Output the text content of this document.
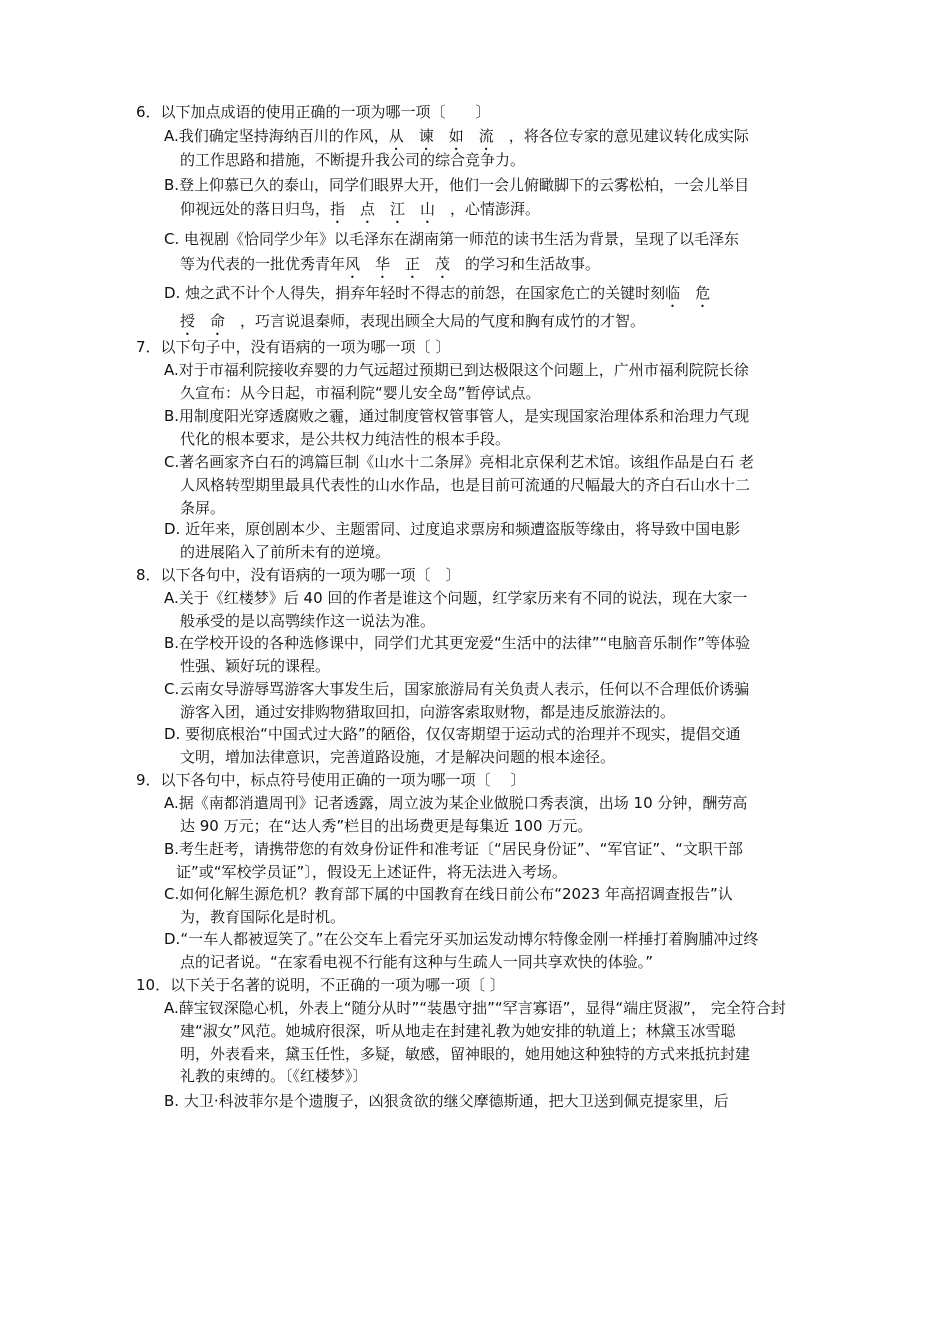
6．以下加点成语的使用正确的一项为哪一项〔　　〕
A.我们确定坚持海纳百川的作风，从　谏　如　流　，将各位专家的意见建议转化成实际
的工作思路和措施，不断提升我公司的综合竞争力。
B.登上仰慕已久的泰山，同学们眼界大开，他们一会儿俯瞰脚下的云雾松柏，一会儿举目
仰视远处的落日归鸟，指　点　江　山　，心情澎湃。
C. 电视剧《恰同学少年》以毛泽东在湖南第一师范的读书生活为背景，呈现了以毛泽东
等为代表的一批优秀青年风　华　正　茂　的学习和生活故事。
D. 烛之武不计个人得失，捐弃年轻时不得志的前怨，在国家危亡的关键时刻临　危
授　命　，巧言说退秦师，表现出顾全大局的气度和胸有成竹的才智。
7．以下句子中，没有语病的一项为哪一项〔 〕
A.对于市福利院接收弃婴的力气远超过预期已到达极限这个问题上，广州市福利院院长徐
久宣布：从今日起，市福利院“婴儿安全岛”暂停试点。
B.用制度阳光穿透腐败之霾，通过制度管权管事管人，是实现国家治理体系和治理力气现
代化的根本要求，是公共权力纯洁性的根本手段。
C.著名画家齐白石的鸿篇巨制《山水十二条屏》亮相北京保利艺术馆。该组作品是白石 老
人风格转型期里最具代表性的山水作品，也是目前可流通的尺幅最大的齐白石山水十二
条屏。
D. 近年来，原创剧本少、主题雷同、过度追求票房和频遭盗版等缘由，将导致中国电影
的进展陷入了前所未有的逆境。
8．以下各句中，没有语病的一项为哪一项〔　〕
A.关于《红楼梦》后 40 回的作者是谁这个问题，红学家历来有不同的说法，现在大家一
般承受的是以高鹗续作这一说法为准。
B.在学校开设的各种选修课中，同学们尤其更宠爱“生活中的法律”“电脑音乐制作”等体验
性强、颖好玩的课程。
C.云南女导游辱骂游客大事发生后，国家旅游局有关负责人表示，任何以不合理低价诱骗
游客入团，通过安排购物猎取回扣，向游客索取财物，都是违反旅游法的。
D. 要彻底根治“中国式过大路”的陋俗，仅仅寄期望于运动式的治理并不现实，提倡交通
文明，增加法律意识，完善道路设施，才是解决问题的根本途径。
9．以下各句中，标点符号使用正确的一项为哪一项〔　 〕
A.据《南都消遣周刊》记者透露，周立波为某企业做脱口秀表演，出场 10 分钟，酬劳高
达 90 万元；在“达人秀”栏目的出场费更是每集近 100 万元。
B.考生赶考，请携带您的有效身份证件和准考证〔“居民身份证”、“军官证”、“文职干部
证”或“军校学员证”〕，假设无上述证件，将无法进入考场。
C.如何化解生源危机？教育部下属的中国教育在线日前公布“2023 年高招调查报告”认
为，教育国际化是时机。
D.“一车人都被逗笑了。”在公交车上看完牙买加运发动博尔特像金刚一样捶打着胸脯冲过终
点的记者说。“在家看电视不行能有这种与生疏人一同共享欢快的体验。”
10．以下关于名著的说明，不正确的一项为哪一项〔 〕
A.薛宝钗深隐心机，外表上“随分从时”“装愚守拙”“罕言寡语”，显得“端庄贤淑”， 完全符合封
建“淑女”风范。她城府很深，听从地走在封建礼教为她安排的轨道上；林黛玉冰雪聪
明，外表看来，黛玉任性，多疑，敏感，留神眼的，她用她这种独特的方式来抵抗封建
礼教的束缚的。〔《红楼梦》〕
B. 大卫·科波菲尔是个遗腹子，凶狠贪欲的继父摩德斯通，把大卫送到佩克提家里，后
